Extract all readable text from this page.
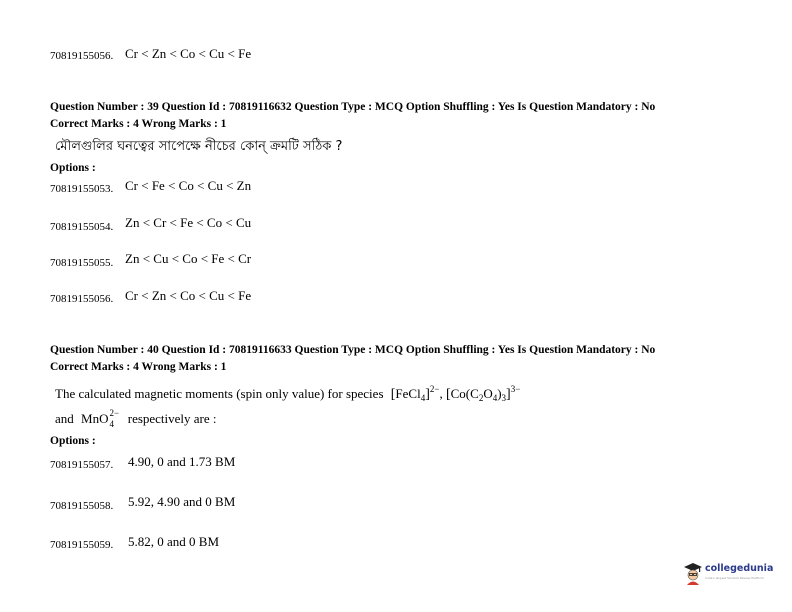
70819155056. Cr < Zn < Co < Cu < Fe
Question Number : 39 Question Id : 70819116632 Question Type : MCQ Option Shuffling : Yes Is Question Mandatory : No
Correct Marks : 4 Wrong Marks : 1
মৌলগুলির ঘনত্বের সাপেক্ষে নীচের কোন্‌ ক্রমটি সঠিক ?
Options :
70819155053. Cr < Fe < Co < Cu < Zn
70819155054. Zn < Cr < Fe < Co < Cu
70819155055. Zn < Cu < Co < Fe < Cr
70819155056. Cr < Zn < Co < Cu < Fe
Question Number : 40 Question Id : 70819116633 Question Type : MCQ Option Shuffling : Yes Is Question Mandatory : No
Correct Marks : 4 Wrong Marks : 1
The calculated magnetic moments (spin only value) for species [FeCl$_4$]$^{2-}$, $[Co(C_2O_4)_3]^{3-}$
and MnO 2−
4 respectively are :
Options :
70819155057. 4.90, 0 and 1.73 BM
70819155058. 5.92, 4.90 and 0 BM
70819155059. 5.82, 0 and 0 BM
collegedunia
India's largest Student Review Platform
